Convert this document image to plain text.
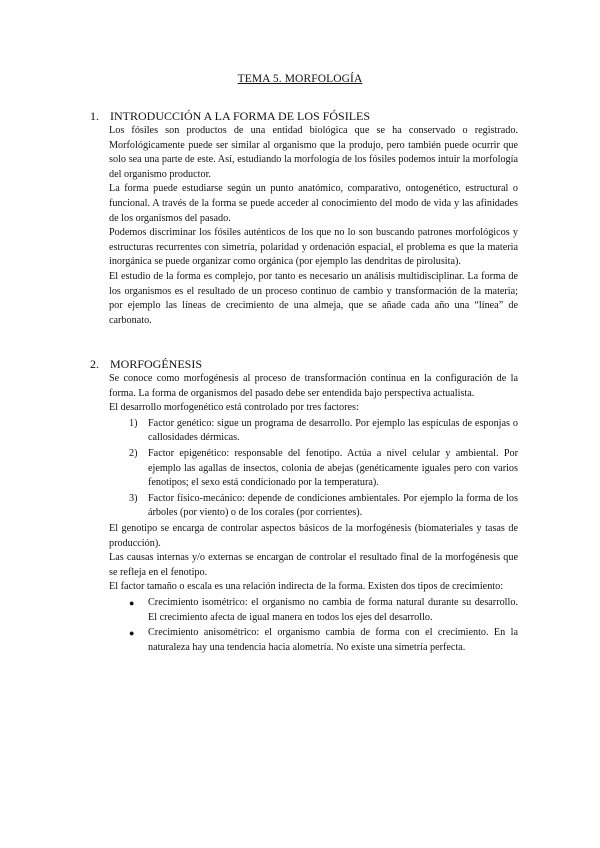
TEMA 5. MORFOLOGÍA
1. INTRODUCCIÓN A LA FORMA DE LOS FÓSILES

Los fósiles son productos de una entidad biológica que se ha conservado o registrado. Morfológicamente puede ser similar al organismo que la produjo, pero también puede ocurrir que solo sea una parte de este. Así, estudiando la morfología de los fósiles podemos intuir la morfología del organismo productor.

La forma puede estudiarse según un punto anatómico, comparativo, ontogenético, estructural o funcional. A través de la forma se puede acceder al conocimiento del modo de vida y las afinidades de los organismos del pasado.

Podemos discriminar los fósiles auténticos de los que no lo son buscando patrones morfológicos y estructuras recurrentes con simetría, polaridad y ordenación espacial, el problema es que la materia inorgánica se puede organizar como orgánica (por ejemplo las dendritas de pirolusita).

El estudio de la forma es complejo, por tanto es necesario un análisis multidisciplinar. La forma de los organismos es el resultado de un proceso continuo de cambio y transformación de la materia; por ejemplo las líneas de crecimiento de una almeja, que se añade cada año una “línea” de carbonato.

2. MORFOGÉNESIS

Se conoce como morfogénesis al proceso de transformación continua en la configuración de la forma. La forma de organismos del pasado debe ser entendida bajo perspectiva actualista.

El desarrollo morfogenético está controlado por tres factores:

1)	Factor genético: sigue un programa de desarrollo. Por ejemplo las espículas de esponjas o callosidades dérmicas.
2)	Factor epigenético: responsable del fenotipo. Actúa a nivel celular y ambiental. Por ejemplo las agallas de insectos, colonia de abejas (genéticamente iguales pero con varios fenotipos; el sexo está condicionado por la temperatura).
3)	Factor físico-mecánico: depende de condiciones ambientales. Por ejemplo la forma de los árboles (por viento) o de los corales (por corrientes).

El genotipo se encarga de controlar aspectos básicos de la morfogénesis (biomateriales y tasas de producción).

Las causas internas y/o externas se encargan de controlar el resultado final de la morfogénesis que se refleja en el fenotipo.

El factor tamaño o escala es una relación indirecta de la forma. Existen dos tipos de crecimiento:

●	Crecimiento isométrico: el organismo no cambia de forma natural durante su desarrollo. El crecimiento afecta de igual manera en todos los ejes del desarrollo.
●	Crecimiento anisométrico: el organismo cambia de forma con el crecimiento. En la naturaleza hay una tendencia hacia alometría. No existe una simetría perfecta.
